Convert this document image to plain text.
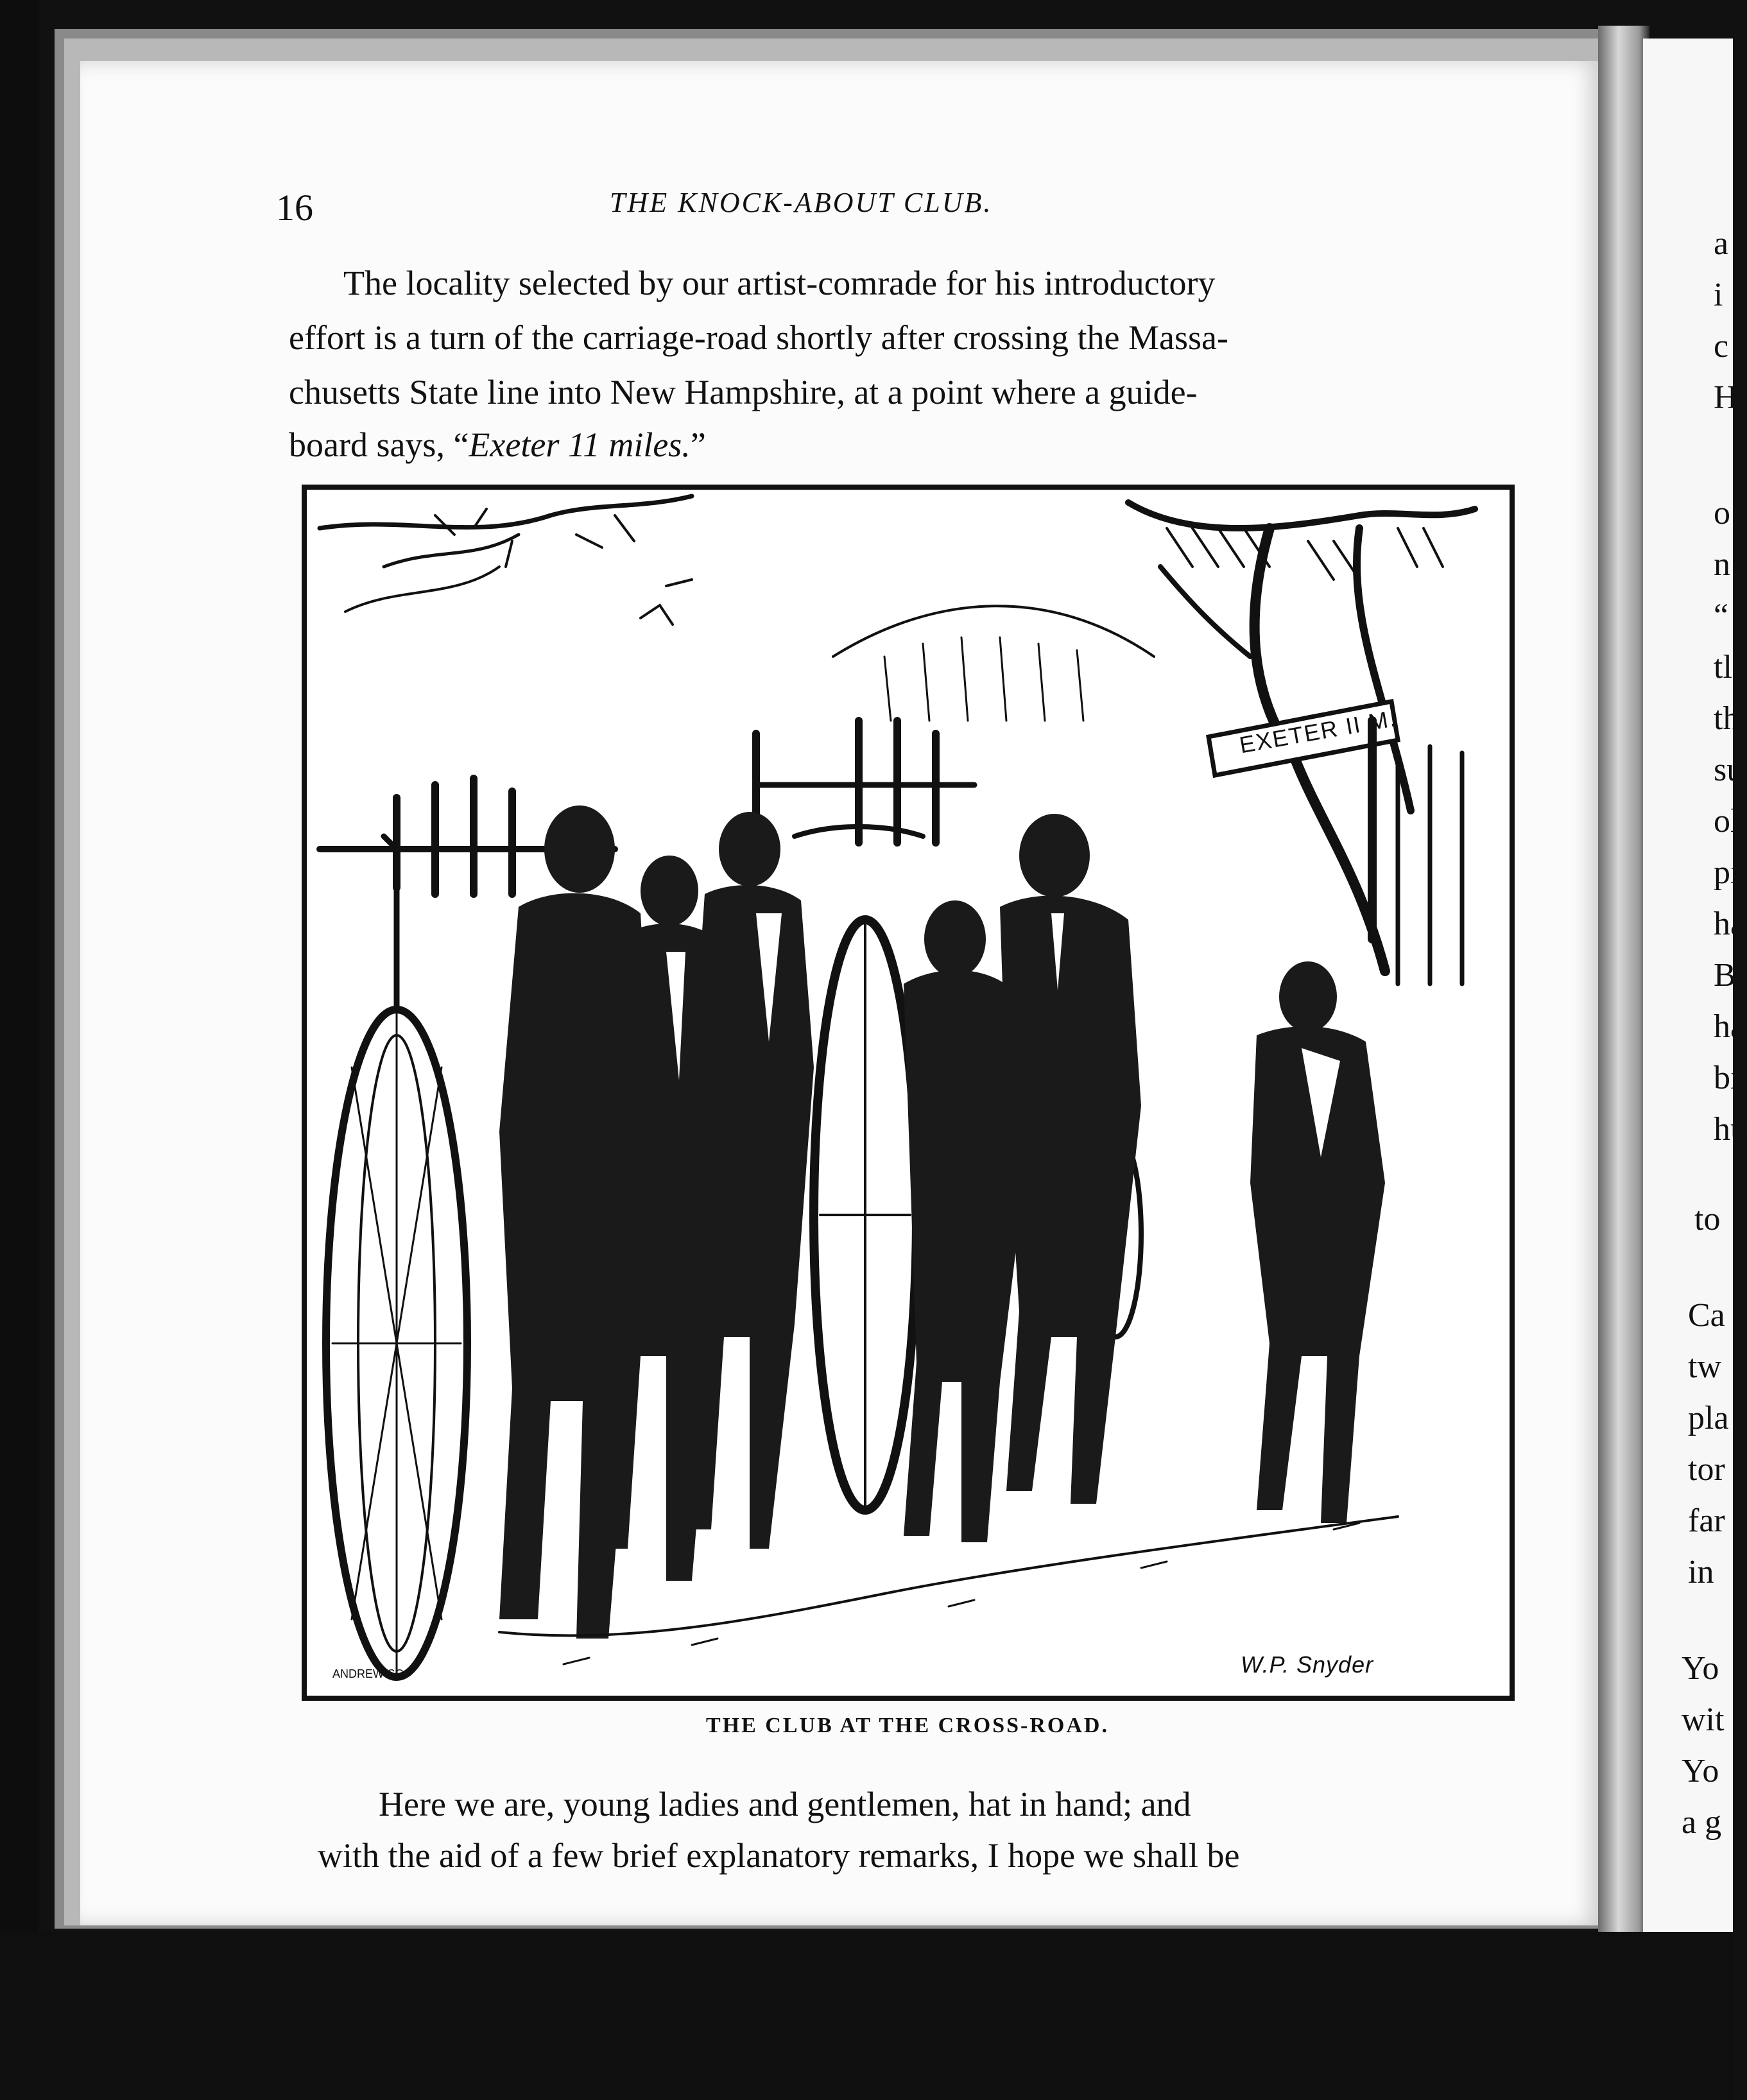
16	THE KNOCK-ABOUT CLUB.
The locality selected by our artist-comrade for his introductory
effort is a turn of the carriage-road shortly after crossing the Massa-
chusetts State line into New Hampshire, at a point where a guide-
board says, “Exeter 11 miles.”
EXETER II M.
ANDREW-SC	W.P. Snyder
THE CLUB AT THE CROSS-ROAD.
Here we are, young ladies and gentlemen, hat in hand; and
with the aid of a few brief explanatory remarks, I hope we shall be
a
i
c
H
o
n
“
tl
th
su
ol
pı
ha
B
ha
bi
hu
to
Ca
tw
pla
tor
far
in
Yo
wit
Yo
a g
